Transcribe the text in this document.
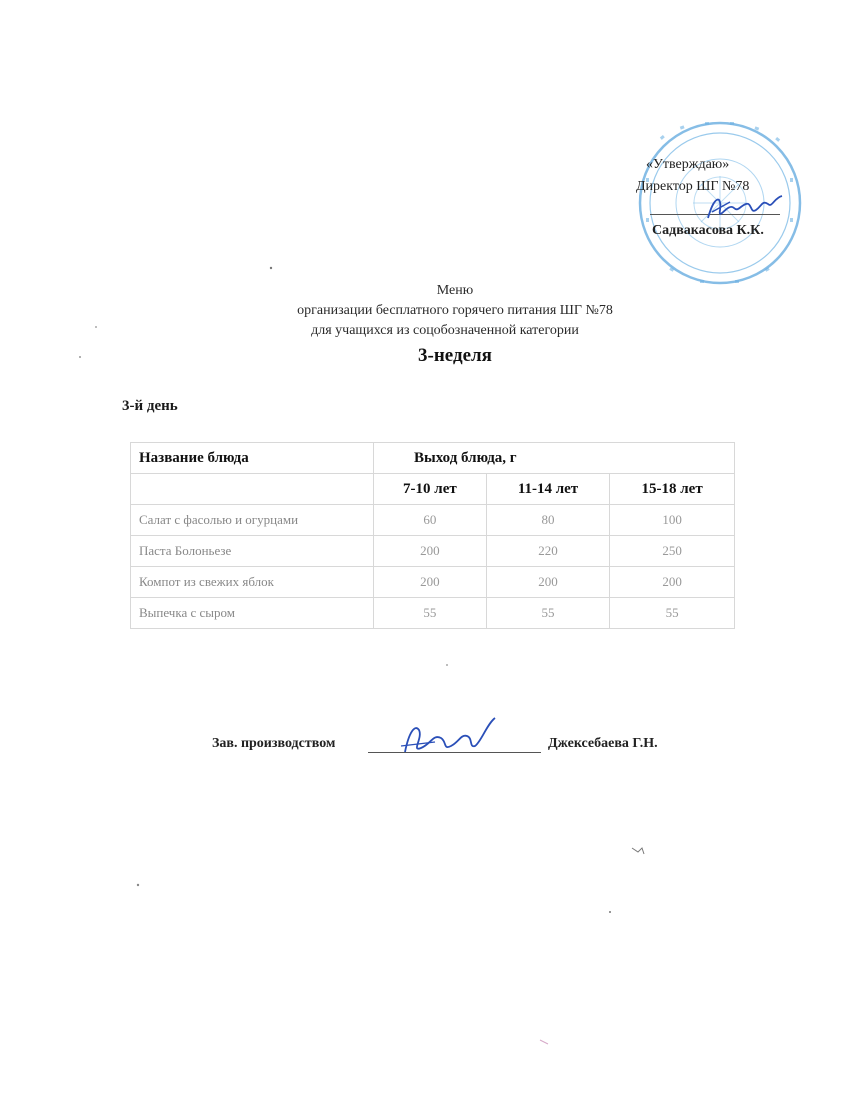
«Утверждаю»
Директор ШГ №78
Садвакасова К.К.
Меню
организации бесплатного горячего питания ШГ №78
для учащихся из соцобозначенной категории
3-неделя
3-й день
Название блюда	Выход блюда, г		
	7-10 лет	11-14 лет	15-18 лет
Салат с фасолью и огурцами	60	80	100
Паста Болоньезе	200	220	250
Компот из свежих яблок	200	200	200
Выпечка с сыром	55	55	55
Зав. производством	Джексебаева Г.Н.
